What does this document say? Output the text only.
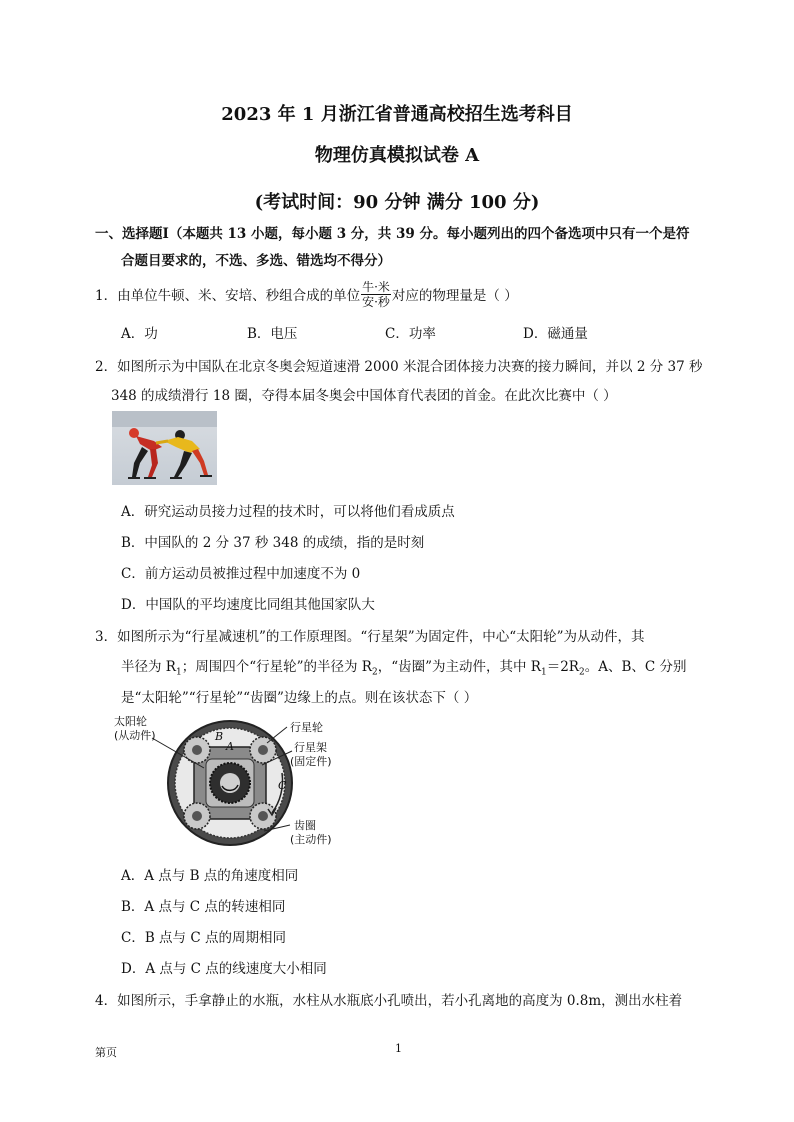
2023 年 1 月浙江省普通高校招生选考科目
物理仿真模拟试卷 A
(考试时间：90 分钟 满分 100 分)
一、选择题Ⅰ（本题共 13 小题，每小题 3 分，共 39 分。每小题列出的四个备选项中只有一个是符
合题目要求的，不选、多选、错选均不得分）
1．由单位牛顿、米、安培、秒组合成的单位 $\frac{\text{牛·米}}{\text{安·秒}}$ 对应的物理量是（ ）
A．功	B．电压	C．功率	D．磁通量
2．如图所示为中国队在北京冬奥会短道速滑 2000 米混合团体接力决赛的接力瞬间，并以 2 分 37 秒
348 的成绩滑行 18 圈，夺得本届冬奥会中国体育代表团的首金。在此次比赛中（ ）
A．研究运动员接力过程的技术时，可以将他们看成质点
B．中国队的 2 分 37 秒 348 的成绩，指的是时刻
C．前方运动员被推过程中加速度不为 0
D．中国队的平均速度比同组其他国家队大
3．如图所示为“行星减速机”的工作原理图。“行星架”为固定件，中心“太阳轮”为从动件，其
半径为 $R_1$；周围四个“行星轮”的半径为 $R_2$，“齿圈”为主动件，其中 $R_1=2R_2$。A、B、C 分别
是“太阳轮”“行星轮”“齿圈”边缘上的点。则在该状态下（ ）
太阳轮
(从动件)
行星轮
行星架
(固定件)
齿圈
(主动件)
A
B
C
A．A 点与 B 点的角速度相同
B．A 点与 C 点的转速相同
C．B 点与 C 点的周期相同
D．A 点与 C 点的线速度大小相同
4．如图所示，手拿静止的水瓶，水柱从水瓶底小孔喷出，若小孔离地的高度为 0.8m，测出水柱着
第页	1
